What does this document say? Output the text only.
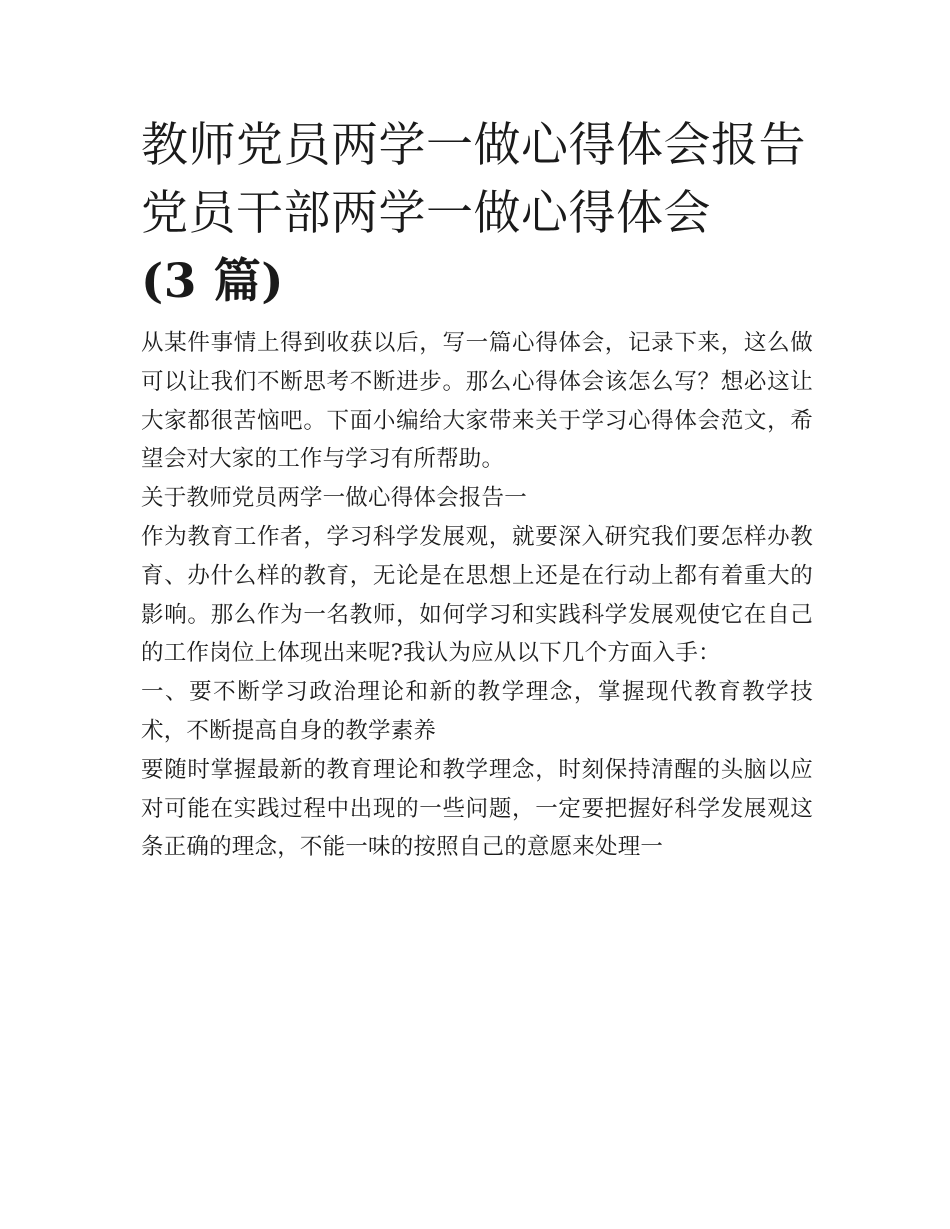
教师党员两学一做心得体会报告 党员干部两学一做心得体会
(3 篇)

从某件事情上得到收获以后，写一篇心得体会，记录下来，这么做可以让我们不断思考不断进步。那么心得体会该怎么写？想必这让大家都很苦恼吧。下面小编给大家带来关于学习心得体会范文，希望会对大家的工作与学习有所帮助。

关于教师党员两学一做心得体会报告一

作为教育工作者，学习科学发展观，就要深入研究我们要怎样办教育、办什么样的教育，无论是在思想上还是在行动上都有着重大的影响。那么作为一名教师，如何学习和实践科学发展观使它在自己的工作岗位上体现出来呢?我认为应从以下几个方面入手：

一、要不断学习政治理论和新的教学理念，掌握现代教育教学技术，不断提高自身的教学素养

要随时掌握最新的教育理论和教学理念，时刻保持清醒的头脑以应对可能在实践过程中出现的一些问题，一定要把握好科学发展观这条正确的理念，不能一味的按照自己的意愿来处理一
